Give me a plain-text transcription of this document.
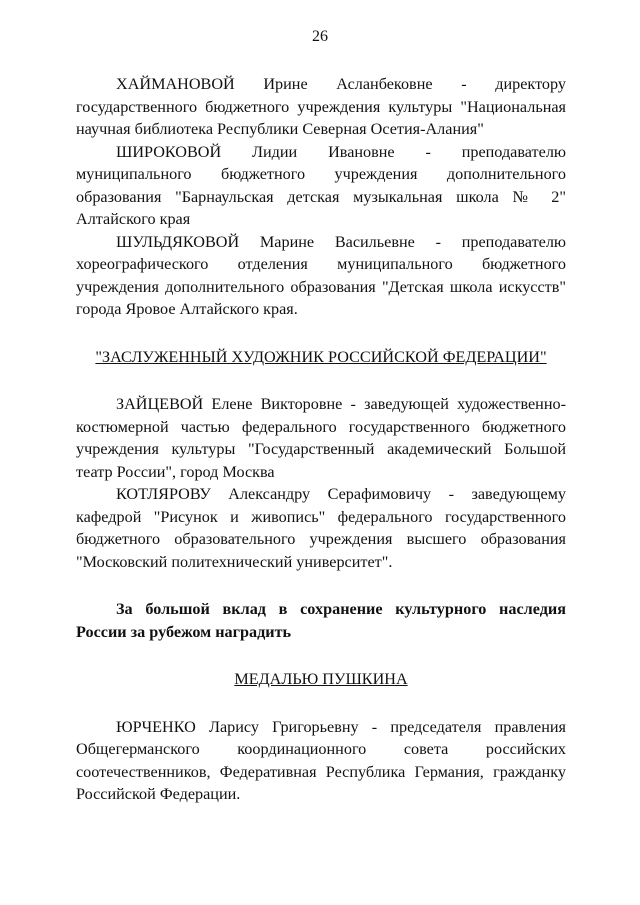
26

ХАЙМАНОВОЙ Ирине Асланбековне - директору государственного бюджетного учреждения культуры "Национальная научная библиотека Республики Северная Осетия-Алания"

ШИРОКОВОЙ Лидии Ивановне - преподавателю муниципального бюджетного учреждения дополнительного образования "Барнаульская детская музыкальная школа № 2" Алтайского края

ШУЛЬДЯКОВОЙ Марине Васильевне - преподавателю хореографического отделения муниципального бюджетного учреждения дополнительного образования "Детская школа искусств" города Яровое Алтайского края.

"ЗАСЛУЖЕННЫЙ ХУДОЖНИК РОССИЙСКОЙ ФЕДЕРАЦИИ"

ЗАЙЦЕВОЙ Елене Викторовне - заведующей художественно-костюмерной частью федерального государственного бюджетного учреждения культуры "Государственный академический Большой театр России", город Москва

КОТЛЯРОВУ Александру Серафимовичу - заведующему кафедрой "Рисунок и живопись" федерального государственного бюджетного образовательного учреждения высшего образования "Московский политехнический университет".

За большой вклад в сохранение культурного наследия России за рубежом наградить

МЕДАЛЬЮ ПУШКИНА

ЮРЧЕНКО Ларису Григорьевну - председателя правления Общегерманского координационного совета российских соотечественников, Федеративная Республика Германия, гражданку Российской Федерации.
